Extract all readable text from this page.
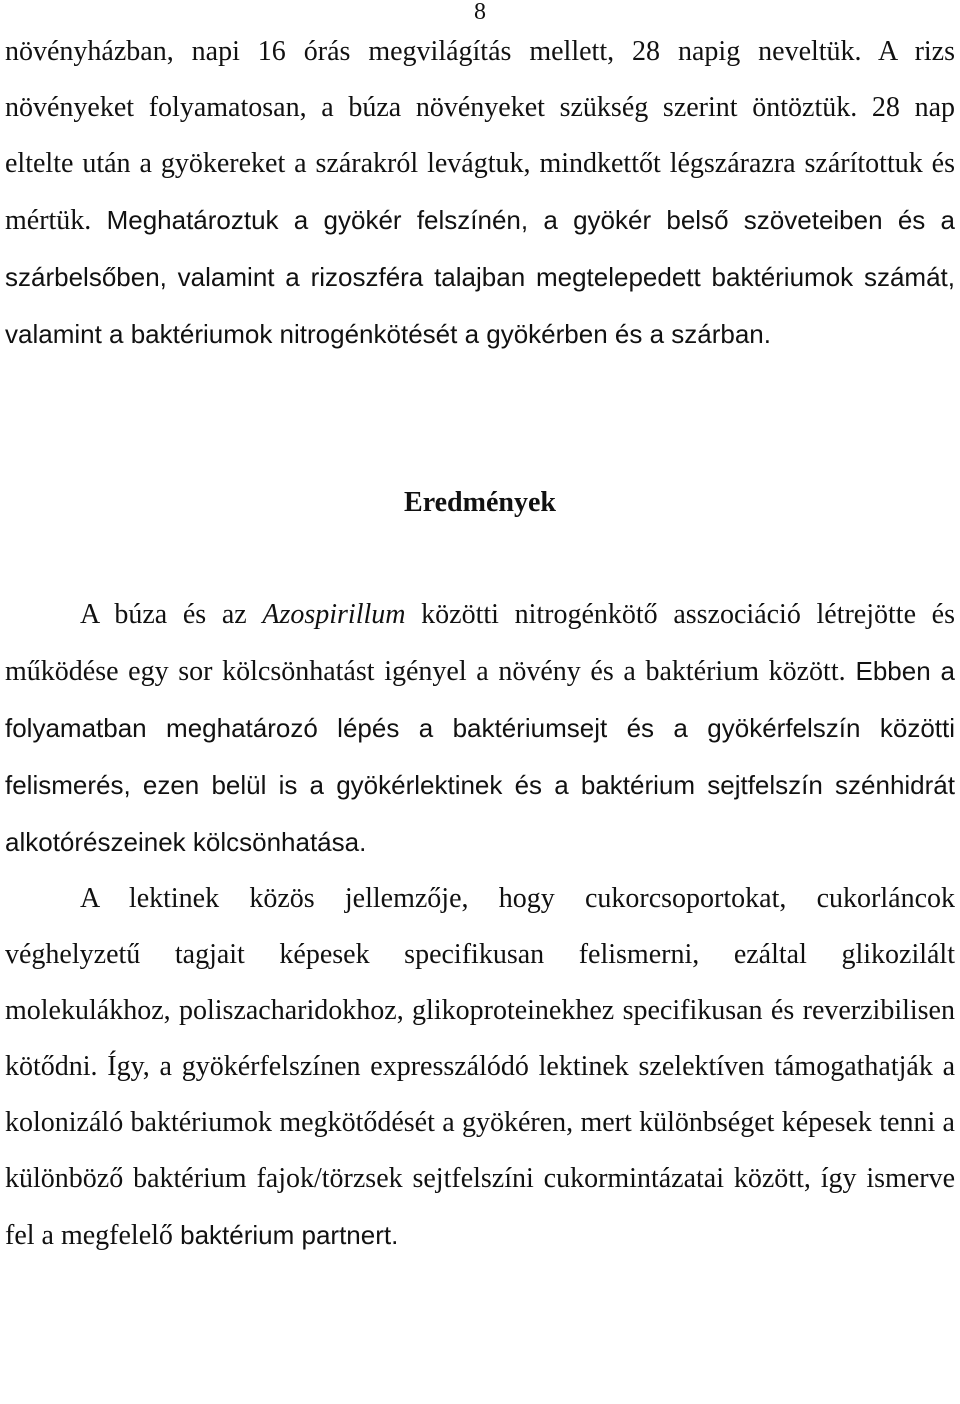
8

növényházban, napi 16 órás megvilágítás mellett, 28 napig neveltük. A rizs növényeket folyamatosan, a búza növényeket szükség szerint öntöztük. 28 nap eltelte után a gyökereket a szárakról levágtuk, mindkettőt légszárazra szárítottuk és mértük. Meghatároztuk a gyökér felszínén, a gyökér belső szöveteiben és a szárbelsőben, valamint a rizoszféra talajban megtelepedett baktériumok számát, valamint a baktériumok nitrogénkötését a gyökérben és a szárban.

Eredmények

A búza és az Azospirillum közötti nitrogénkötő asszociáció létrejötte és működése egy sor kölcsönhatást igényel a növény és a baktérium között. Ebben a folyamatban meghatározó lépés a baktériumsejt és a gyökérfelszín közötti felismerés, ezen belül is a gyökérlektinek és a baktérium sejtfelszín szénhidrát alkotórészeinek kölcsönhatása.

A lektinek közös jellemzője, hogy cukorcsoportokat, cukorláncok véghelyzetű tagjait képesek specifikusan felismerni, ezáltal glikozilált molekulákhoz, poliszacharidokhoz, glikoproteinekhez specifikusan és reverzibilisen kötődni. Így, a gyökérfelszínen expresszálódó lektinek szelektíven támogathatják a kolonizáló baktériumok megkötődését a gyökéren, mert különbséget képesek tenni a különböző baktérium fajok/törzsek sejtfelszíni cukormintázatai között, így ismerve fel a megfelelő baktérium partnert.
